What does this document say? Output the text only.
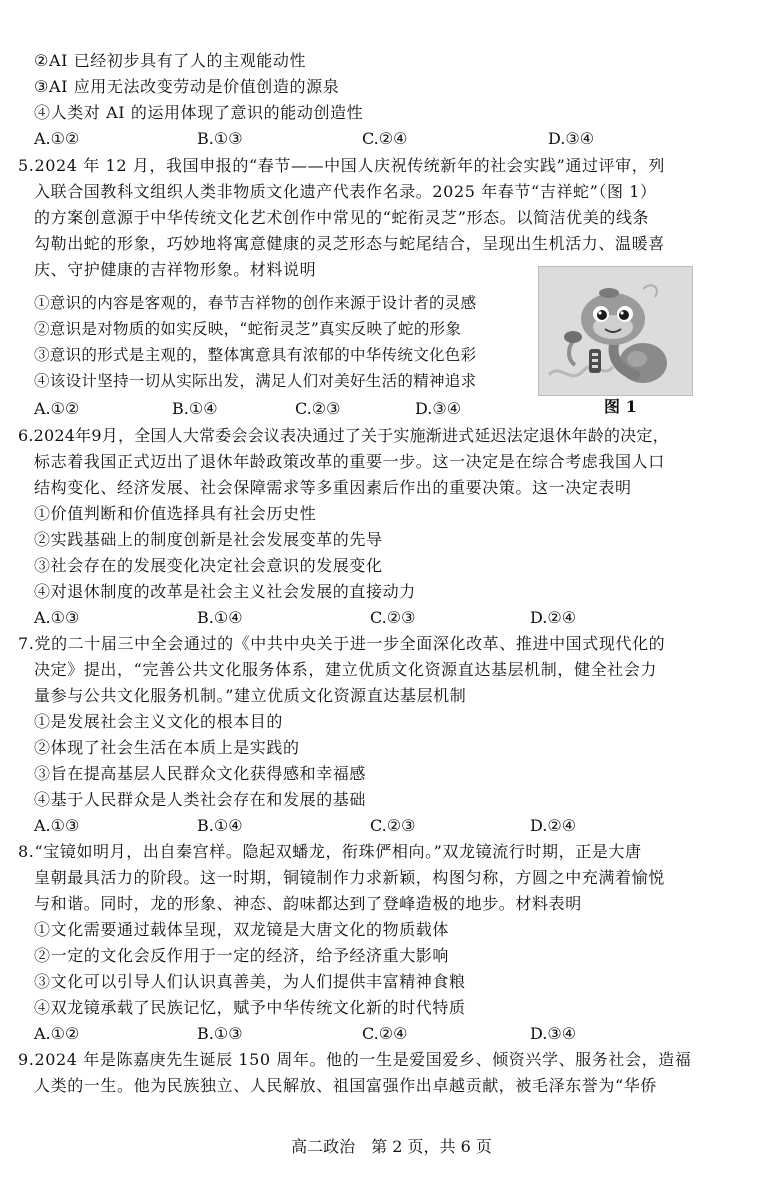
②AI 已经初步具有了人的主观能动性
③AI 应用无法改变劳动是价值创造的源泉
④人类对 AI 的运用体现了意识的能动创造性
A.①②	B.①③	C.②④	D.③④
5.2024 年 12 月，我国申报的“春节——中国人庆祝传统新年的社会实践”通过评审，列
入联合国教科文组织人类非物质文化遗产代表作名录。2025 年春节“吉祥蛇”（图 1）
的方案创意源于中华传统文化艺术创作中常见的“蛇衔灵芝”形态。以简洁优美的线条
勾勒出蛇的形象，巧妙地将寓意健康的灵芝形态与蛇尾结合，呈现出生机活力、温暖喜
庆、守护健康的吉祥物形象。材料说明
①意识的内容是客观的，春节吉祥物的创作来源于设计者的灵感
②意识是对物质的如实反映，“蛇衔灵芝”真实反映了蛇的形象
③意识的形式是主观的，整体寓意具有浓郁的中华传统文化色彩
④该设计坚持一切从实际出发，满足人们对美好生活的精神追求
A.①②	B.①④	C.②③	D.③④	图 1
6.2024年9月，全国人大常委会会议表决通过了关于实施渐进式延迟法定退休年龄的决定，
标志着我国正式迈出了退休年龄政策改革的重要一步。这一决定是在综合考虑我国人口
结构变化、经济发展、社会保障需求等多重因素后作出的重要决策。这一决定表明
①价值判断和价值选择具有社会历史性
②实践基础上的制度创新是社会发展变革的先导
③社会存在的发展变化决定社会意识的发展变化
④对退休制度的改革是社会主义社会发展的直接动力
A.①③	B.①④	C.②③	D.②④
7.党的二十届三中全会通过的《中共中央关于进一步全面深化改革、推进中国式现代化的
决定》提出，“完善公共文化服务体系，建立优质文化资源直达基层机制，健全社会力
量参与公共文化服务机制。”建立优质文化资源直达基层机制
①是发展社会主义文化的根本目的
②体现了社会生活在本质上是实践的
③旨在提高基层人民群众文化获得感和幸福感
④基于人民群众是人类社会存在和发展的基础
A.①③	B.①④	C.②③	D.②④
8.“宝镜如明月，出自秦宫样。隐起双蟠龙，衔珠俨相向。”双龙镜流行时期，正是大唐
皇朝最具活力的阶段。这一时期，铜镜制作力求新颖，构图匀称，方圆之中充满着愉悦
与和谐。同时，龙的形象、神态、韵味都达到了登峰造极的地步。材料表明
①文化需要通过载体呈现，双龙镜是大唐文化的物质载体
②一定的文化会反作用于一定的经济，给予经济重大影响
③文化可以引导人们认识真善美，为人们提供丰富精神食粮
④双龙镜承载了民族记忆，赋予中华传统文化新的时代特质
A.①②	B.①③	C.②④	D.③④
9.2024 年是陈嘉庚先生诞辰 150 周年。他的一生是爱国爱乡、倾资兴学、服务社会，造福
人类的一生。他为民族独立、人民解放、祖国富强作出卓越贡献，被毛泽东誉为“华侨
高二政治　第 2 页，共 6 页
